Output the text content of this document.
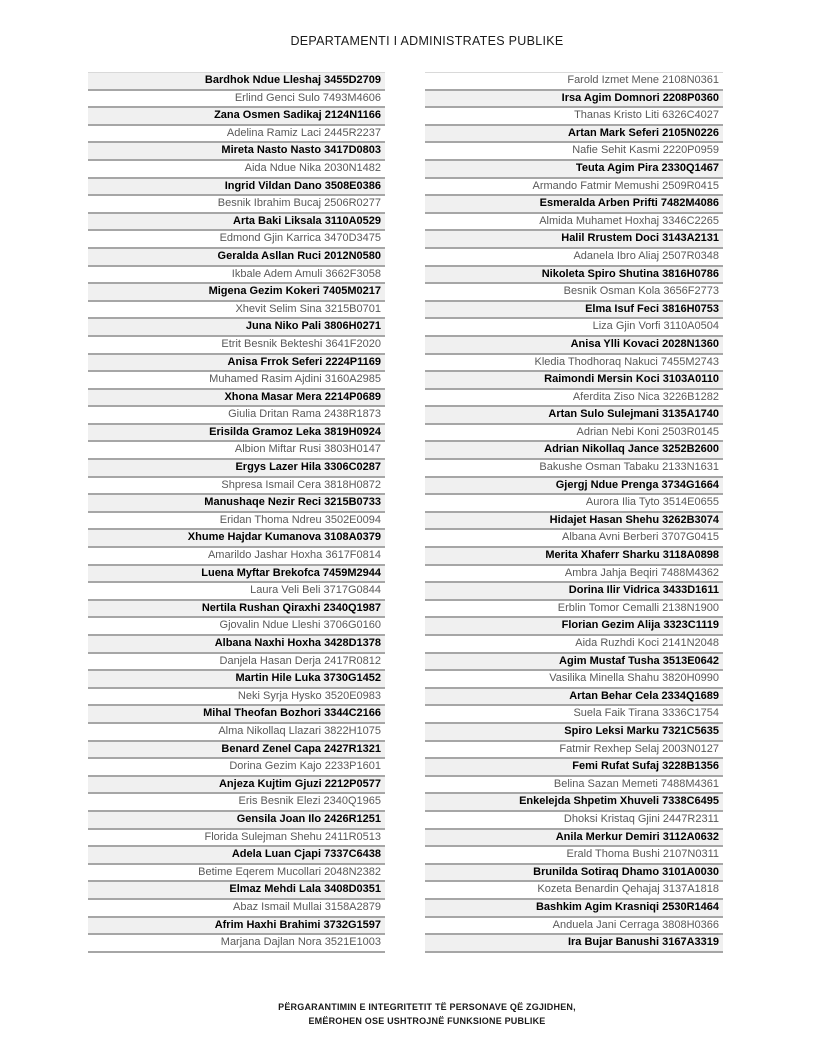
DEPARTAMENTI I ADMINISTRATES PUBLIKE
Bardhok Ndue Lleshaj 3455D2709
Erlind Genci Sulo 7493M4606
Zana Osmen Sadikaj 2124N1166
Adelina Ramiz Laci 2445R2237
Mireta Nasto Nasto 3417D0803
Aida Ndue Nika 2030N1482
Ingrid Vildan Dano 3508E0386
Besnik Ibrahim Bucaj 2506R0277
Arta Baki Liksala 3110A0529
Edmond Gjin Karrica 3470D3475
Geralda Asllan Ruci 2012N0580
Ikbale Adem Amuli 3662F3058
Migena Gezim Kokeri 7405M0217
Xhevit Selim Sina 3215B0701
Juna Niko Pali 3806H0271
Etrit Besnik Bekteshi 3641F2020
Anisa Frrok Seferi 2224P1169
Muhamed Rasim Ajdini 3160A2985
Xhona Masar Mera 2214P0689
Giulia Dritan Rama 2438R1873
Erisilda Gramoz Leka 3819H0924
Albion Miftar Rusi 3803H0147
Ergys Lazer Hila 3306C0287
Shpresa Ismail Cera 3818H0872
Manushaqe Nezir Reci 3215B0733
Eridan Thoma Ndreu 3502E0094
Xhume Hajdar Kumanova 3108A0379
Amarildo Jashar Hoxha 3617F0814
Luena Myftar Brekofca 7459M2944
Laura Veli Beli 3717G0844
Nertila Rushan Qiraxhi 2340Q1987
Gjovalin Ndue Lleshi 3706G0160
Albana Naxhi Hoxha 3428D1378
Danjela Hasan Derja 2417R0812
Martin Hile Luka 3730G1452
Neki Syrja Hysko 3520E0983
Mihal Theofan Bozhori 3344C2166
Alma Nikollaq Llazari 3822H1075
Benard Zenel Capa 2427R1321
Dorina Gezim Kajo 2233P1601
Anjeza Kujtim Gjuzi 2212P0577
Eris Besnik Elezi 2340Q1965
Gensila Joan Ilo 2426R1251
Florida Sulejman Shehu 2411R0513
Adela Luan Cjapi 7337C6438
Betime Eqerem Mucollari 2048N2382
Elmaz Mehdi Lala 3408D0351
Abaz Ismail Mullai 3158A2879
Afrim Haxhi Brahimi 3732G1597
Marjana Dajlan Nora 3521E1003
Farold Izmet Mene 2108N0361
Irsa Agim Domnori 2208P0360
Thanas Kristo Liti 6326C4027
Artan Mark Seferi 2105N0226
Nafie Sehit Kasmi 2220P0959
Teuta Agim Pira 2330Q1467
Armando Fatmir Memushi 2509R0415
Esmeralda Arben Prifti 7482M4086
Almida Muhamet Hoxhaj 3346C2265
Halil Rrustem Doci 3143A2131
Adanela Ibro Aliaj 2507R0348
Nikoleta Spiro Shutina 3816H0786
Besnik Osman Kola 3656F2773
Elma Isuf Feci 3816H0753
Liza Gjin Vorfi 3110A0504
Anisa Ylli Kovaci 2028N1360
Kledia Thodhoraq Nakuci 7455M2743
Raimondi Mersin Koci 3103A0110
Aferdita Ziso Nica 3226B1282
Artan Sulo Sulejmani 3135A1740
Adrian Nebi Koni 2503R0145
Adrian Nikollaq Jance 3252B2600
Bakushe Osman Tabaku 2133N1631
Gjergj Ndue Prenga 3734G1664
Aurora Ilia Tyto 3514E0655
Hidajet Hasan Shehu 3262B3074
Albana Avni Berberi 3707G0415
Merita Xhaferr Sharku 3118A0898
Ambra Jahja Beqiri 7488M4362
Dorina Ilir Vidrica 3433D1611
Erblin Tomor Cemalli 2138N1900
Florian Gezim Alija 3323C1119
Aida Ruzhdi Koci 2141N2048
Agim Mustaf Tusha 3513E0642
Vasilika Minella Shahu 3820H0990
Artan Behar Cela 2334Q1689
Suela Faik Tirana 3336C1754
Spiro Leksi Marku 7321C5635
Fatmir Rexhep Selaj 2003N0127
Femi Rufat Sufaj 3228B1356
Belina Sazan Memeti 7488M4361
Enkelejda Shpetim Xhuveli 7338C6495
Dhoksi Kristaq Gjini 2447R2311
Anila Merkur Demiri 3112A0632
Erald Thoma Bushi 2107N0311
Brunilda Sotiraq Dhamo 3101A0030
Kozeta Benardin Qehajaj 3137A1818
Bashkim Agim Krasniqi 2530R1464
Anduela Jani Cerraga 3808H0366
Ira Bujar Banushi 3167A3319
PËRGARANTIMIN E INTEGRITETIT TË PERSONAVE QË ZGJIDHEN,
EMËROHEN OSE USHTROJNË FUNKSIONE PUBLIKE
